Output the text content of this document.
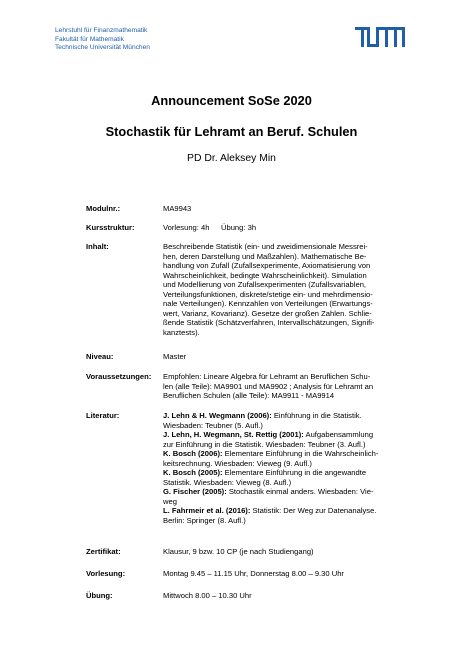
Lehrstuhl für Finanzmathematik
Fakultät für Mathematik
Technische Universität München
Announcement SoSe 2020
Stochastik für Lehramt an Beruf. Schulen
PD Dr. Aleksey Min
Modulnr.:	MA9943
Kursstruktur:	Vorlesung: 4h	Übung: 3h
Inhalt:	Beschreibende Statistik (ein- und zweidimensionale Messrei-
hen, deren Darstellung und Maßzahlen). Mathematische Be-
handlung von Zufall (Zufallsexperimente, Axiomatisierung von
Wahrscheinlichkeit, bedingte Wahrscheinlichkeit). Simulation
und Modellierung von Zufallsexperimenten (Zufallsvariablen,
Verteilungsfunktionen, diskrete/stetige ein- und mehrdimensio-
nale Verteilungen). Kennzahlen von Verteilungen (Erwartungs-
wert, Varianz, Kovarianz). Gesetze der großen Zahlen. Schlie-
ßende Statistik (Schätzverfahren, Intervallschätzungen, Signifi-
kanztests).
Niveau:	Master
Voraussetzungen: Empfohlen: Lineare Algebra für Lehramt an Beruflichen Schu-
len (alle Teile): MA9901 und MA9902 ; Analysis für Lehramt an
Beruflichen Schulen (alle Teile): MA9911 - MA9914
Literatur:	J. Lehn & H. Wegmann (2006): Einführung in die Statistik.
Wiesbaden: Teubner (5. Aufl.)

J. Lehn, H. Wegmann, St. Rettig (2001): Aufgabensammlung
zur Einführung in die Statistik. Wiesbaden: Teubner (3. Aufl.)

K. Bosch (2006): Elementare Einführung in die Wahrscheinlich-
keitsrechnung. Wiesbaden: Vieweg (9. Aufl.)

K. Bosch (2005): Elementare Einführung in die angewandte
Statistik. Wiesbaden: Vieweg (8. Aufl.)

G. Fischer (2005): Stochastik einmal anders. Wiesbaden: Vie-
weg

L. Fahrmeir et al. (2016): Statistik: Der Weg zur Datenanalyse.
Berlin: Springer (8. Aufl.)

Zertifikat:	Klausur, 9 bzw. 10 CP (je nach Studiengang)
Vorlesung:	Montag 9.45 – 11.15 Uhr, Donnerstag 8.00 – 9.30 Uhr
Übung:	Mittwoch 8.00 – 10.30 Uhr
